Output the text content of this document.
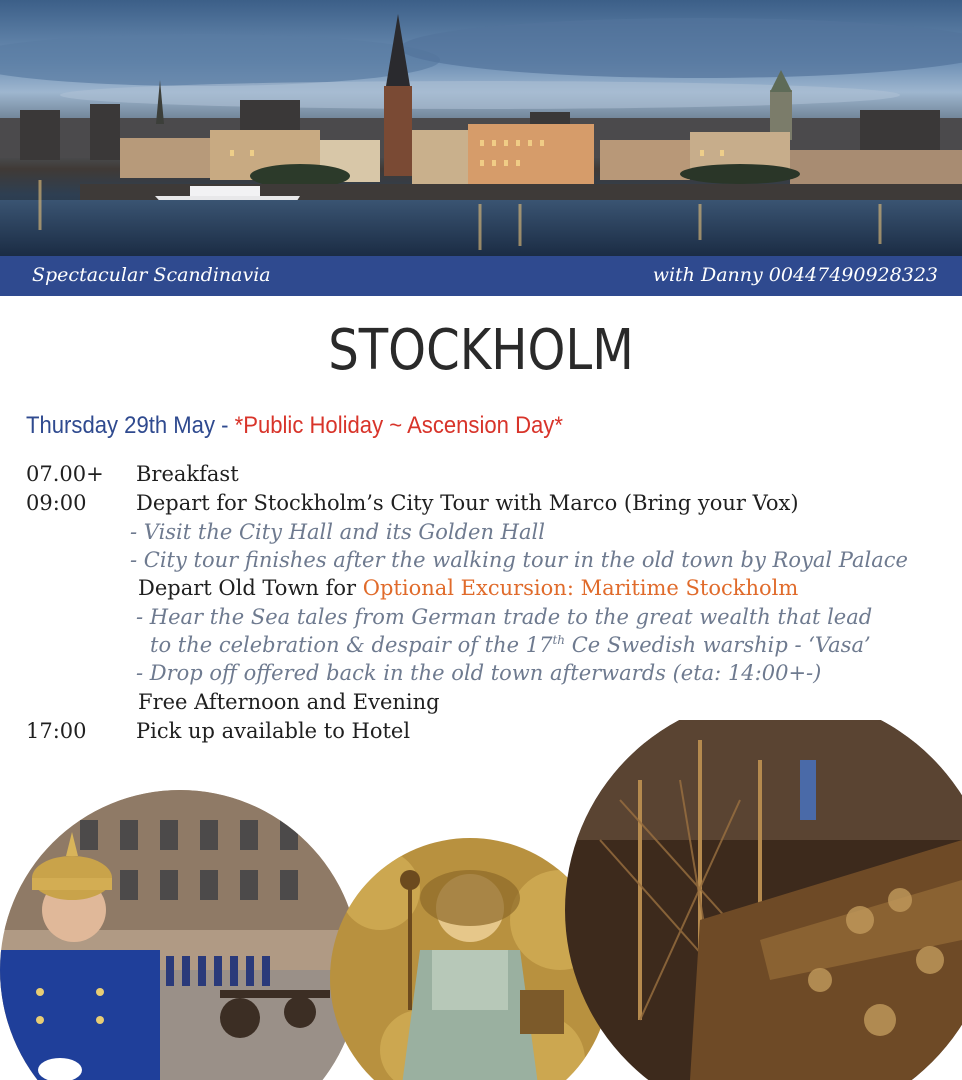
Spectacular Scandinavia	with Danny 00447490928323
STOCKHOLM
Thursday 29th May - *Public Holiday ~ Ascension Day*
07.00+ Breakfast
09:00 Depart for Stockholm’s City Tour with Marco (Bring your Vox)
- Visit the City Hall and its Golden Hall
- City tour finishes after the walking tour in the old town by Royal Palace
Depart Old Town for Optional Excursion: Maritime Stockholm
- Hear the Sea tales from German trade to the great wealth that lead
to the celebration & despair of the 17th Ce Swedish warship - ‘Vasa’
- Drop off offered back in the old town afterwards (eta: 14:00+-)
Free Afternoon and Evening
17:00 Pick up available to Hotel
